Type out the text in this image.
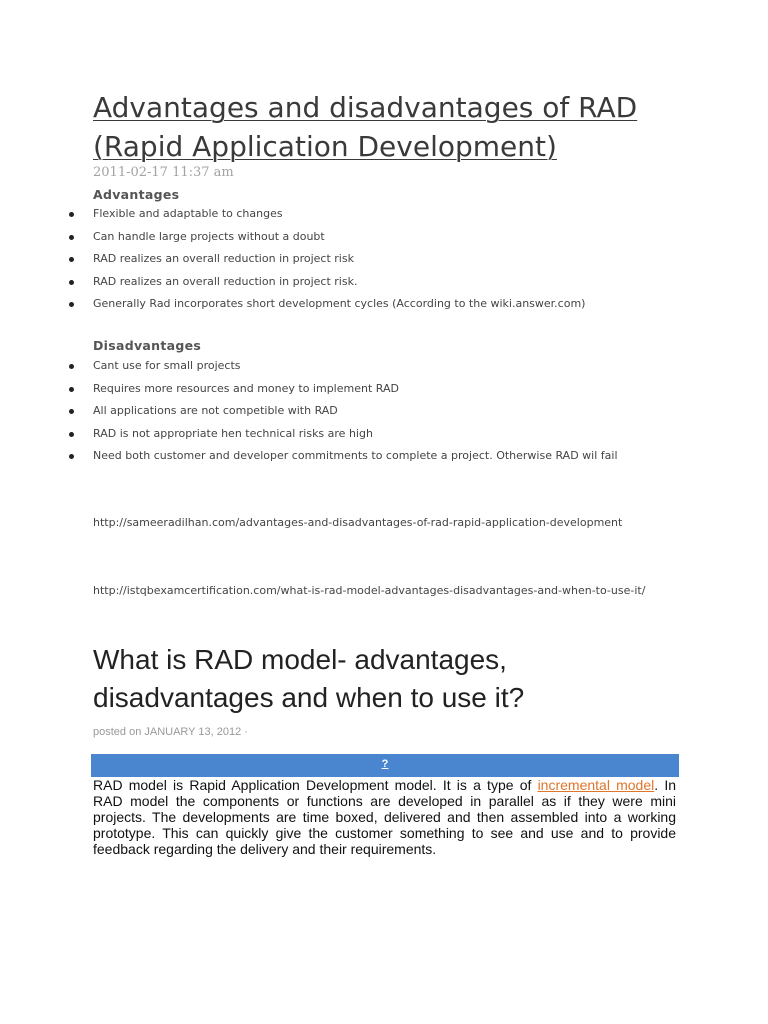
Advantages and disadvantages of RAD (Rapid Application Development)
2011-02-17 11:37 am
Advantages
Flexible and adaptable to changes
Can handle large projects without a doubt
RAD realizes an overall reduction in project risk
RAD realizes an overall reduction in project risk.
Generally Rad incorporates short development cycles (According to the wiki.answer.com)
Disadvantages
Cant use for small projects
Requires more resources and money to implement RAD
All applications are not competible with RAD
RAD is not appropriate hen technical risks are high
Need both customer and developer commitments to complete a project. Otherwise RAD wil fail
http://sameeradilhan.com/advantages-and-disadvantages-of-rad-rapid-application-development
http://istqbexamcertification.com/what-is-rad-model-advantages-disadvantages-and-when-to-use-it/
What is RAD model- advantages, disadvantages and when to use it?
posted on JANUARY 13, 2012 ·
?

RAD model is Rapid Application Development model. It is a type of incremental model. In RAD model the components or functions are developed in parallel as if they were mini projects. The developments are time boxed, delivered and then assembled into a working prototype. This can quickly give the customer something to see and use and to provide feedback regarding the delivery and their requirements.
